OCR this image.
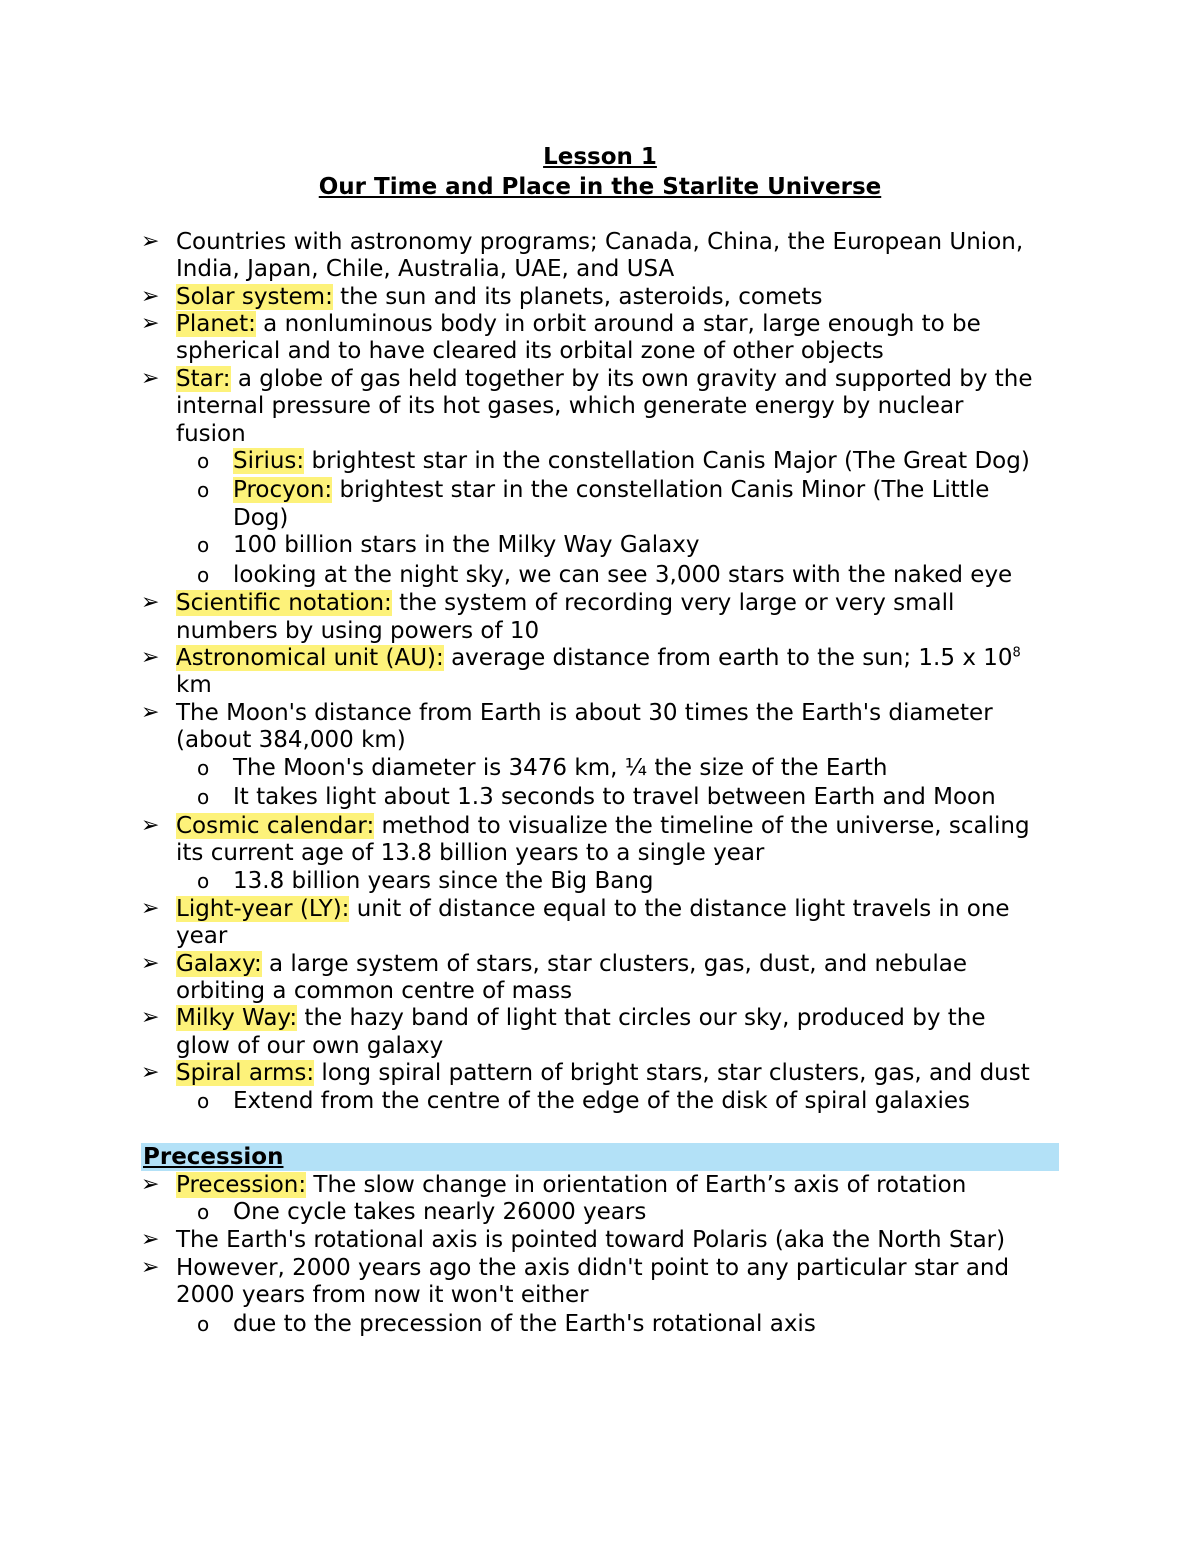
Lesson 1
Our Time and Place in the Starlite Universe
➢ Countries with astronomy programs; Canada, China, the European Union,
India, Japan, Chile, Australia, UAE, and USA
➢ Solar system: the sun and its planets, asteroids, comets
➢ Planet: a nonluminous body in orbit around a star, large enough to be
spherical and to have cleared its orbital zone of other objects
➢ Star: a globe of gas held together by its own gravity and supported by the
internal pressure of its hot gases, which generate energy by nuclear
fusion
o Sirius: brightest star in the constellation Canis Major (The Great Dog)
o Procyon: brightest star in the constellation Canis Minor (The Little
Dog)
o 100 billion stars in the Milky Way Galaxy
o looking at the night sky, we can see 3,000 stars with the naked eye
➢ Scientific notation: the system of recording very large or very small
numbers by using powers of 10
➢ Astronomical unit (AU): average distance from earth to the sun; 1.5 x $10^8$
km
➢ The Moon's distance from Earth is about 30 times the Earth's diameter
(about 384,000 km)
o The Moon's diameter is 3476 km, ¼ the size of the Earth
o It takes light about 1.3 seconds to travel between Earth and Moon
➢ Cosmic calendar: method to visualize the timeline of the universe, scaling
its current age of 13.8 billion years to a single year
o 13.8 billion years since the Big Bang
➢ Light-year (LY): unit of distance equal to the distance light travels in one
year
➢ Galaxy: a large system of stars, star clusters, gas, dust, and nebulae
orbiting a common centre of mass
➢ Milky Way: the hazy band of light that circles our sky, produced by the
glow of our own galaxy
➢ Spiral arms: long spiral pattern of bright stars, star clusters, gas, and dust
o Extend from the centre of the edge of the disk of spiral galaxies
Precession
➢ Precession: The slow change in orientation of Earth’s axis of rotation
o One cycle takes nearly 26000 years
➢ The Earth's rotational axis is pointed toward Polaris (aka the North Star)
➢ However, 2000 years ago the axis didn't point to any particular star and
2000 years from now it won't either
o due to the precession of the Earth's rotational axis
